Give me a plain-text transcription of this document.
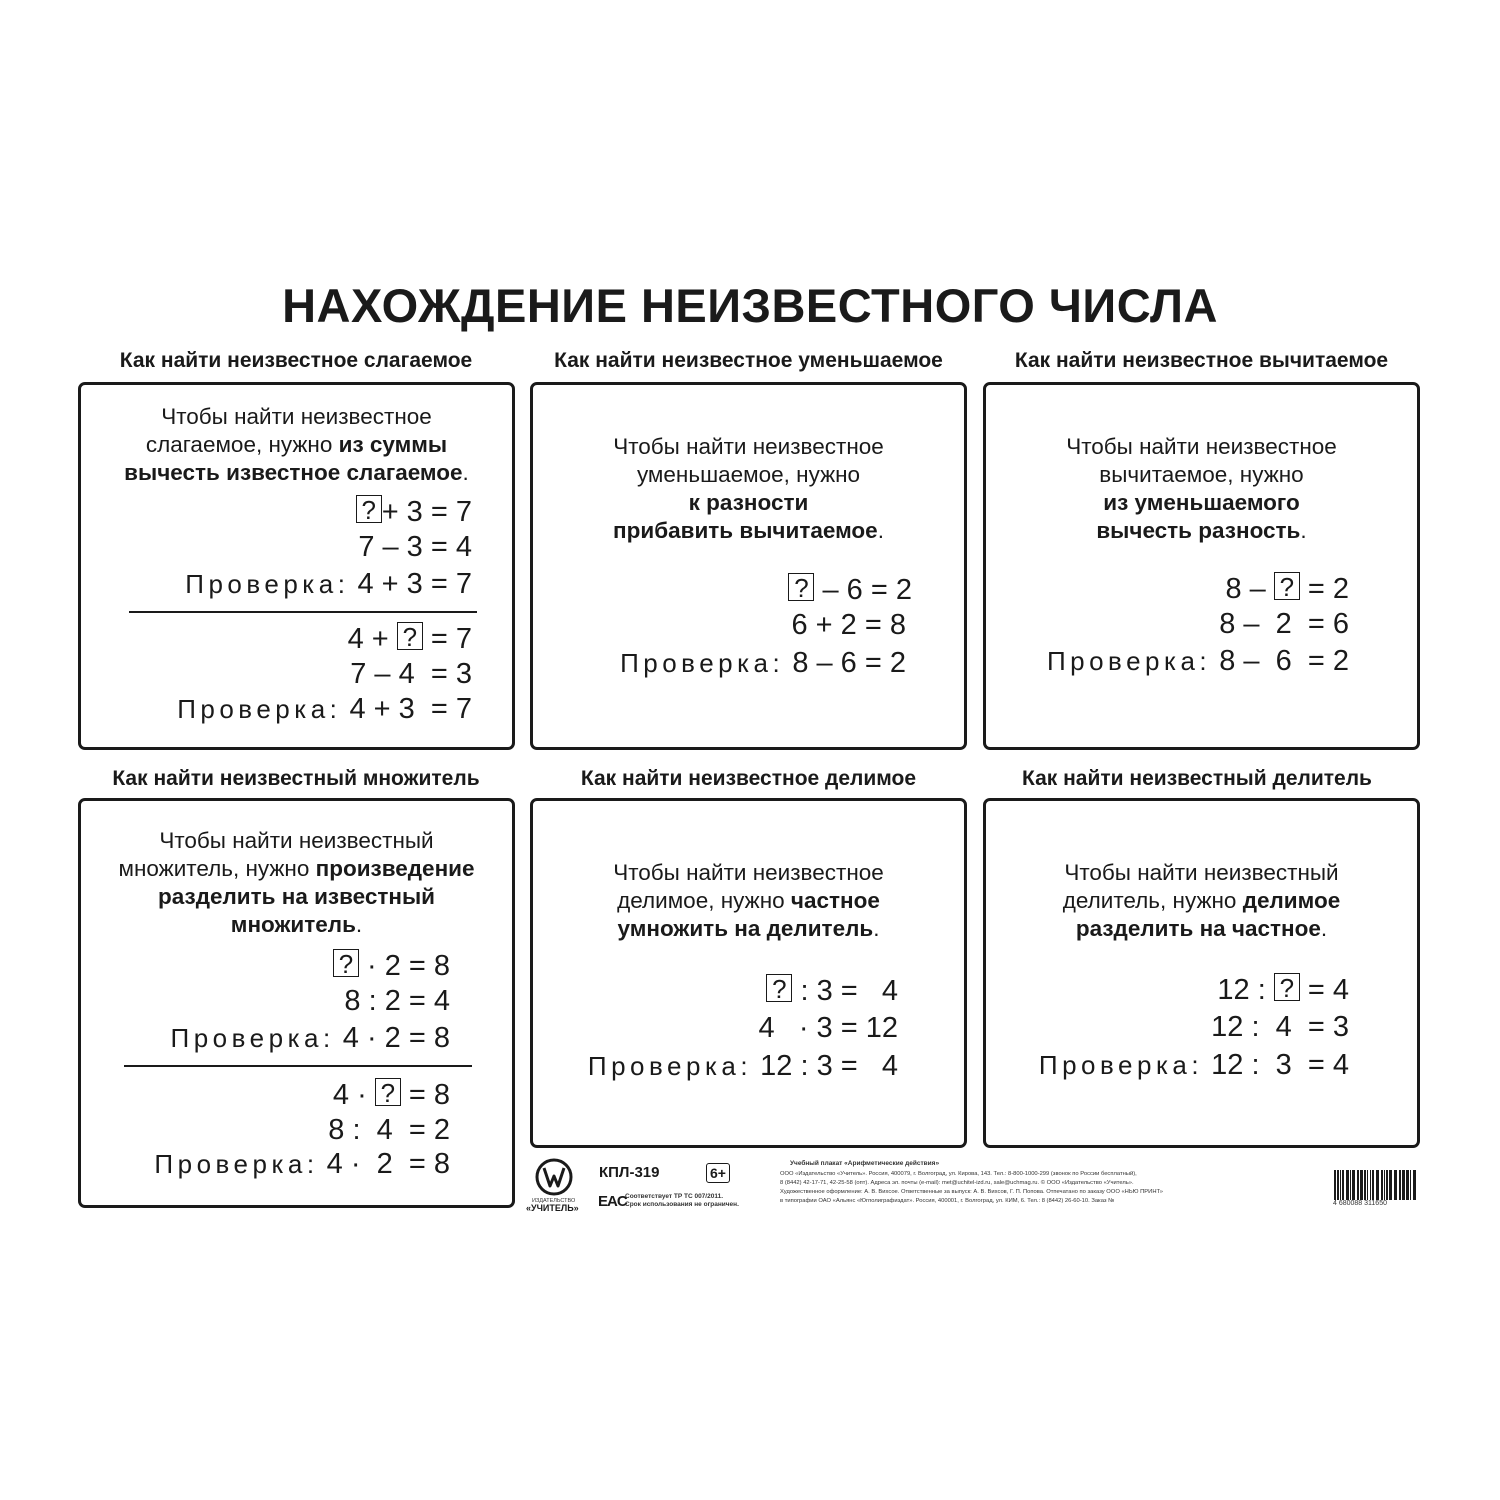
НАХОЖДЕНИЕ НЕИЗВЕСТНОГО ЧИСЛА
Как найти неизвестное слагаемое
Чтобы найти неизвестное
слагаемое, нужно из суммы
вычесть известное слагаемое.
? + 3 = 7
7 – 3 = 4
Проверка: 4 + 3 = 7
4 + ? = 7
7 – 4  = 3
Проверка: 4 + 3  = 7
Как найти неизвестное уменьшаемое
Чтобы найти неизвестное
уменьшаемое, нужно
к разности
прибавить вычитаемое.
? – 6 = 2
6 + 2 = 8
Проверка: 8 – 6 = 2
Как найти неизвестное вычитаемое
Чтобы найти неизвестное
вычитаемое, нужно
из уменьшаемого
вычесть разность.
8 – ? = 2
8 –  2  = 6
Проверка: 8 –  6  = 2
Как найти неизвестный множитель
Чтобы найти неизвестный
множитель, нужно произведение
разделить на известный
множитель.
? · 2 = 8
8 : 2 = 4
Проверка: 4 · 2 = 8
4 · ? = 8
8 :  4  = 2
Проверка: 4 ·  2  = 8
Как найти неизвестное делимое
Чтобы найти неизвестное
делимое, нужно частное
умножить на делитель.
? : 3 =   4
4   · 3 = 12
Проверка: 12 : 3 =   4
Как найти неизвестный делитель
Чтобы найти неизвестный
делитель, нужно делимое
разделить на частное.
12 : ? = 4
12 :  4  = 3
Проверка: 12 :  3  = 4
ИЗДАТЕЛЬСТВО
«УЧИТЕЛЬ»
КПЛ-319	6+
EAC
Соответствует ТР ТС 007/2011.
Срок использования не ограничен.
Учебный плакат «Арифметические действия»
ООО «Издательство «Учитель». Россия, 400079, г. Волгоград, ул. Кирова, 143. Тел.: 8-800-1000-299 (звонок по России бесплатный),
8 (8442) 42-17-71, 42-25-58 (опт). Адреса эл. почты (e-mail): met@uchitel-izd.ru, sale@uchmag.ru. © ООО «Издательство «Учитель».
Художественное оформление: А. В. Вихсое. Ответственные за выпуск: А. В. Вихсов, Г. П. Попова. Отпечатано по заказу ООО «НЬЮ ПРИНТ»
в типографии ОАО «Альянс «Югполиграфиздат». Россия, 400001, г. Волгоград, ул. КИМ, 6. Тел.: 8 (8442) 26-60-10. Заказ №	4 680088 311650
